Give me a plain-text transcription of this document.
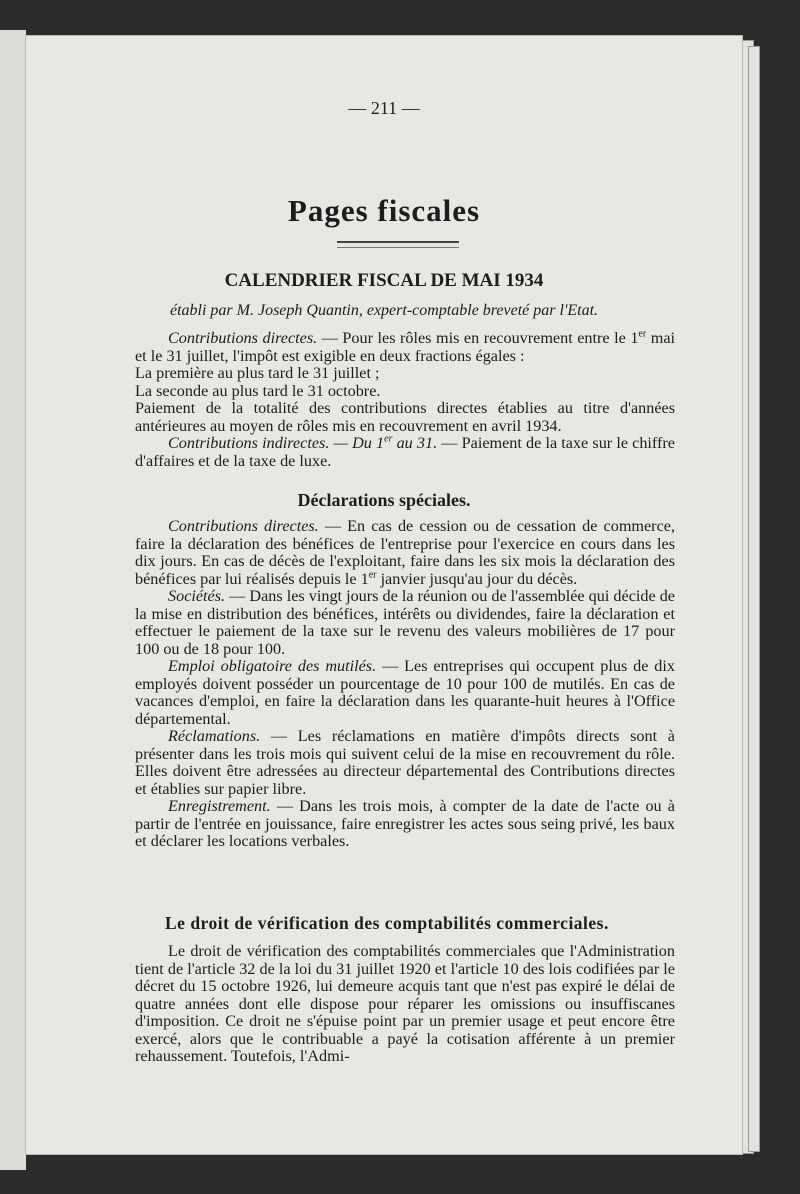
— 211 —
Pages fiscales
CALENDRIER FISCAL DE MAI 1934
établi par M. Joseph Quantin, expert-comptable breveté par l'Etat.

Contributions directes. — Pour les rôles mis en recouvrement entre le 1er mai et le 31 juillet, l'impôt est exigible en deux fractions égales :

La première au plus tard le 31 juillet ;

La seconde au plus tard le 31 octobre.

Paiement de la totalité des contributions directes établies au titre d'années antérieures au moyen de rôles mis en recouvrement en avril 1934.

Contributions indirectes. — Du 1er au 31. — Paiement de la taxe sur le chiffre d'affaires et de la taxe de luxe.

Déclarations spéciales.

Contributions directes. — En cas de cession ou de cessation de commerce, faire la déclaration des bénéfices de l'entreprise pour l'exercice en cours dans les dix jours. En cas de décès de l'exploitant, faire dans les six mois la déclaration des bénéfices par lui réalisés depuis le 1er janvier jusqu'au jour du décès.

Sociétés. — Dans les vingt jours de la réunion ou de l'assemblée qui décide de la mise en distribution des bénéfices, intérêts ou dividendes, faire la déclaration et effectuer le paiement de la taxe sur le revenu des valeurs mobilières de 17 pour 100 ou de 18 pour 100.

Emploi obligatoire des mutilés. — Les entreprises qui occupent plus de dix employés doivent posséder un pourcentage de 10 pour 100 de mutilés. En cas de vacances d'emploi, en faire la déclaration dans les quarante-huit heures à l'Office départemental.

Réclamations. — Les réclamations en matière d'impôts directs sont à présenter dans les trois mois qui suivent celui de la mise en recouvrement du rôle. Elles doivent être adressées au directeur départemental des Contributions directes et établies sur papier libre.

Enregistrement. — Dans les trois mois, à compter de la date de l'acte ou à partir de l'entrée en jouissance, faire enregistrer les actes sous seing privé, les baux et déclarer les locations verbales.

Le droit de vérification des comptabilités commerciales.

Le droit de vérification des comptabilités commerciales que l'Administration tient de l'article 32 de la loi du 31 juillet 1920 et l'article 10 des lois codifiées par le décret du 15 octobre 1926, lui demeure acquis tant que n'est pas expiré le délai de quatre années dont elle dispose pour réparer les omissions ou insuffiscanes d'imposition. Ce droit ne s'épuise point par un premier usage et peut encore être exercé, alors que le contribuable a payé la cotisation afférente à un premier rehaussement. Toutefois, l'Admi-
